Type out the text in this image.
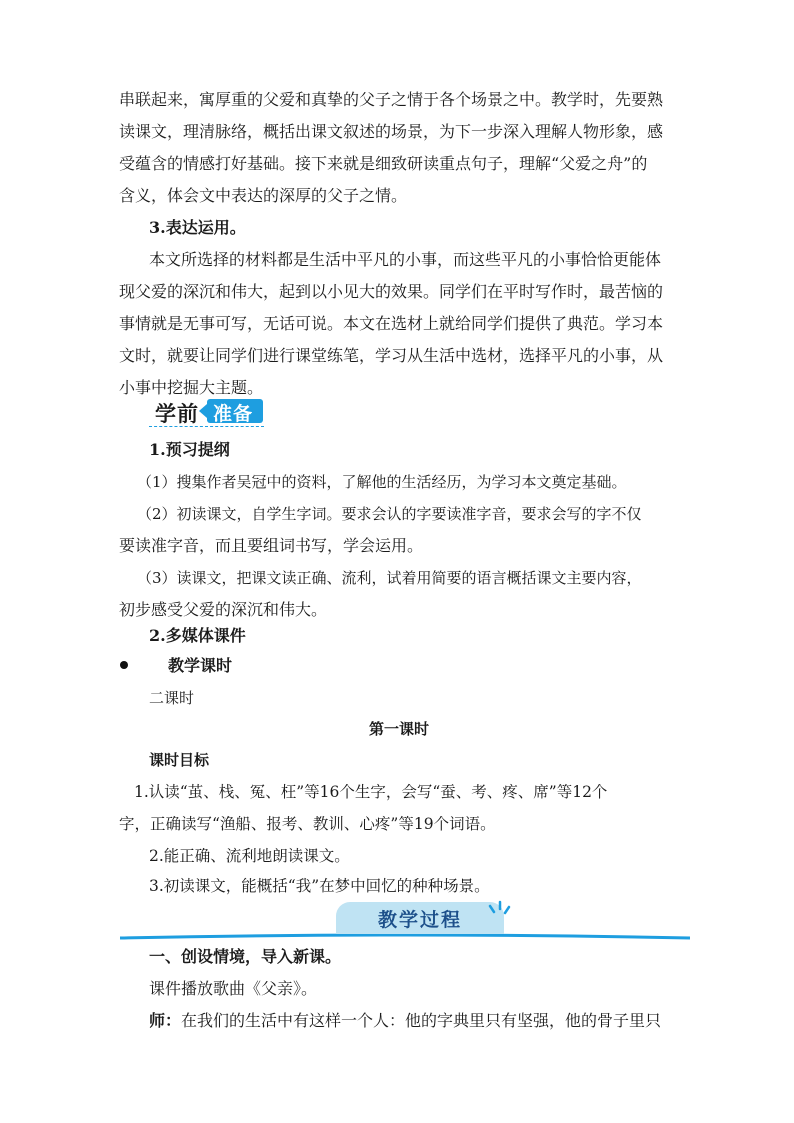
串联起来，寓厚重的父爱和真挚的父子之情于各个场景之中。教学时，先要熟

读课文，理清脉络，概括出课文叙述的场景，为下一步深入理解人物形象，感

受蕴含的情感打好基础。接下来就是细致研读重点句子，理解“父爱之舟”的

含义，体会文中表达的深厚的父子之情。

3.表达运用。

本文所选择的材料都是生活中平凡的小事，而这些平凡的小事恰恰更能体

现父爱的深沉和伟大，起到以小见大的效果。同学们在平时写作时，最苦恼的

事情就是无事可写，无话可说。本文在选材上就给同学们提供了典范。学习本

文时，就要让同学们进行课堂练笔，学习从生活中选材，选择平凡的小事，从

小事中挖掘大主题。

学前 准备

1.预习提纲

（1）搜集作者吴冠中的资料，了解他的生活经历，为学习本文奠定基础。

（2）初读课文，自学生字词。要求会认的字要读准字音，要求会写的字不仅

要读准字音，而且要组词书写，学会运用。

（3）读课文，把课文读正确、流利，试着用简要的语言概括课文主要内容，

初步感受父爱的深沉和伟大。

2.多媒体课件

教学课时

二课时

第一课时

课时目标

1.认读“茧、栈、冤、枉”等16个生字，会写“蚕、考、疼、席”等12个

字，正确读写“渔船、报考、教训、心疼”等19个词语。

2.能正确、流利地朗读课文。

3.初读课文，能概括“我”在梦中回忆的种种场景。

教学过程

一、创设情境，导入新课。

课件播放歌曲《父亲》。

师：在我们的生活中有这样一个人：他的字典里只有坚强，他的骨子里只
